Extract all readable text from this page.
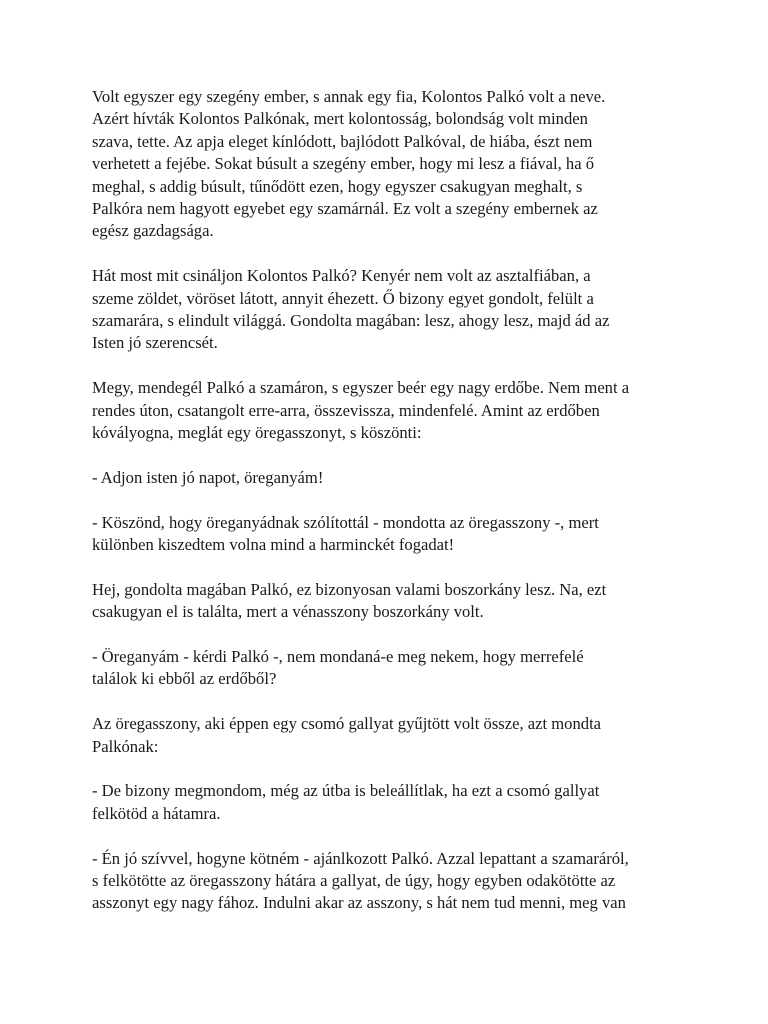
Volt egyszer egy szegény ember, s annak egy fia, Kolontos Palkó volt a neve.
Azért hívták Kolontos Palkónak, mert kolontosság, bolondság volt minden
szava, tette. Az apja eleget kínlódott, bajlódott Palkóval, de hiába, észt nem
verhetett a fejébe. Sokat búsult a szegény ember, hogy mi lesz a fiával, ha ő
meghal, s addig búsult, tűnődött ezen, hogy egyszer csakugyan meghalt, s
Palkóra nem hagyott egyebet egy szamárnál. Ez volt a szegény embernek az
egész gazdagsága.

Hát most mit csináljon Kolontos Palkó? Kenyér nem volt az asztalfiában, a
szeme zöldet, vöröset látott, annyit éhezett. Ő bizony egyet gondolt, felült a
szamarára, s elindult világgá. Gondolta magában: lesz, ahogy lesz, majd ád az
Isten jó szerencsét.

Megy, mendegél Palkó a szamáron, s egyszer beér egy nagy erdőbe. Nem ment a
rendes úton, csatangolt erre-arra, összevissza, mindenfelé. Amint az erdőben
kóvályogna, meglát egy öregasszonyt, s köszönti:

- Adjon isten jó napot, öreganyám!

- Köszönd, hogy öreganyádnak szólítottál - mondotta az öregasszony -, mert
különben kiszedtem volna mind a harminckét fogadat!

Hej, gondolta magában Palkó, ez bizonyosan valami boszorkány lesz. Na, ezt
csakugyan el is találta, mert a vénasszony boszorkány volt.

- Öreganyám - kérdi Palkó -, nem mondaná-e meg nekem, hogy merrefelé
találok ki ebből az erdőből?

Az öregasszony, aki éppen egy csomó gallyat gyűjtött volt össze, azt mondta
Palkónak:

- De bizony megmondom, még az útba is beleállítlak, ha ezt a csomó gallyat
felkötöd a hátamra.

- Én jó szívvel, hogyne kötném - ajánlkozott Palkó. Azzal lepattant a szamaráról,
s felkötötte az öregasszony hátára a gallyat, de úgy, hogy egyben odakötötte az
asszonyt egy nagy fához. Indulni akar az asszony, s hát nem tud menni, meg van
